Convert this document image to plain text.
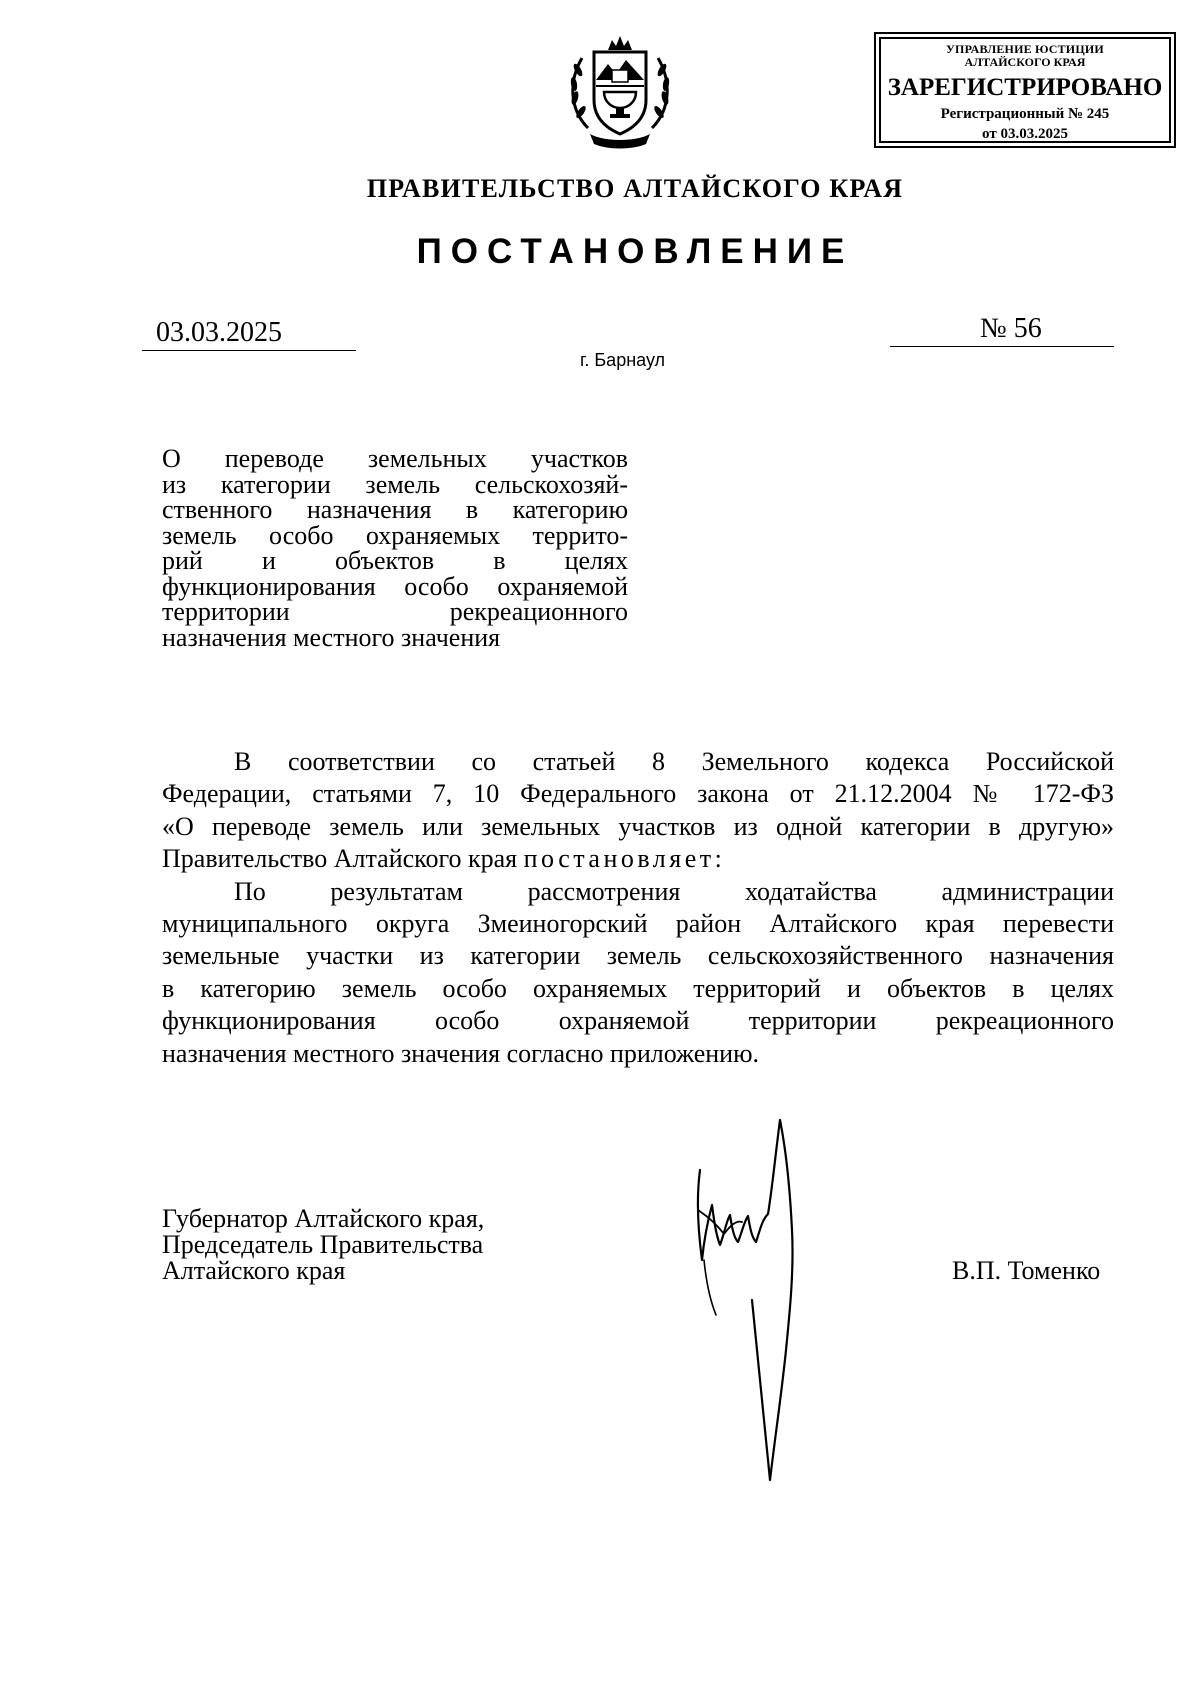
УПРАВЛЕНИЕ ЮСТИЦИИ
АЛТАЙСКОГО КРАЯ
ЗАРЕГИСТРИРОВАНО
Регистрационный № 245
от 03.03.2025
ПРАВИТЕЛЬСТВО АЛТАЙСКОГО КРАЯ
ПОСТАНОВЛЕНИЕ
03.03.2025	№ 56
г. Барнаул
О переводе земельных участков
из категории земель сельскохозяй-
ственного назначения в категорию
земель особо охраняемых террито-
рий и объектов в целях
функционирования особо охраняемой
территории рекреационного
назначения местного значения
В соответствии со статьей 8 Земельного кодекса Российской
Федерации, статьями 7, 10 Федерального закона от 21.12.2004 № 172-ФЗ
«О переводе земель или земельных участков из одной категории в другую»
Правительство Алтайского края постановляет:
По результатам рассмотрения ходатайства администрации
муниципального округа Змеиногорский район Алтайского края перевести
земельные участки из категории земель сельскохозяйственного назначения
в категорию земель особо охраняемых территорий и объектов в целях
функционирования особо охраняемой территории рекреационного
назначения местного значения согласно приложению.
Губернатор Алтайского края,
Председатель Правительства
Алтайского края	В.П. Томенко
